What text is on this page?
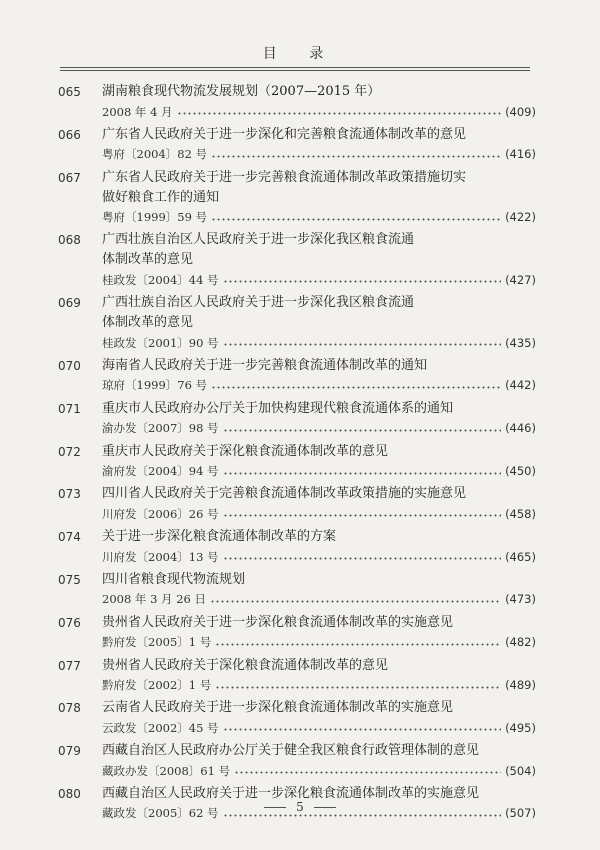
目 录
065	湖南粮食现代物流发展规划（2007—2015 年）
2008 年 4 月	(409)
066	广东省人民政府关于进一步深化和完善粮食流通体制改革的意见
粤府〔2004〕82 号	(416)
067	广东省人民政府关于进一步完善粮食流通体制改革政策措施切实
做好粮食工作的通知
粤府〔1999〕59 号	(422)
068	广西壮族自治区人民政府关于进一步深化我区粮食流通
体制改革的意见
桂政发〔2004〕44 号	(427)
069	广西壮族自治区人民政府关于进一步深化我区粮食流通
体制改革的意见
桂政发〔2001〕90 号	(435)
070	海南省人民政府关于进一步完善粮食流通体制改革的通知
琼府〔1999〕76 号	(442)
071	重庆市人民政府办公厅关于加快构建现代粮食流通体系的通知
渝办发〔2007〕98 号	(446)
072	重庆市人民政府关于深化粮食流通体制改革的意见
渝府发〔2004〕94 号	(450)
073	四川省人民政府关于完善粮食流通体制改革政策措施的实施意见
川府发〔2006〕26 号	(458)
074	关于进一步深化粮食流通体制改革的方案
川府发〔2004〕13 号	(465)
075	四川省粮食现代物流规划
2008 年 3 月 26 日	(473)
076	贵州省人民政府关于进一步深化粮食流通体制改革的实施意见
黔府发〔2005〕1 号	(482)
077	贵州省人民政府关于深化粮食流通体制改革的意见
黔府发〔2002〕1 号	(489)
078	云南省人民政府关于进一步深化粮食流通体制改革的实施意见
云政发〔2002〕45 号	(495)
079	西藏自治区人民政府办公厅关于健全我区粮食行政管理体制的意见
藏政办发〔2008〕61 号	(504)
080	西藏自治区人民政府关于进一步深化粮食流通体制改革的实施意见
藏政发〔2005〕62 号	(507)
5
